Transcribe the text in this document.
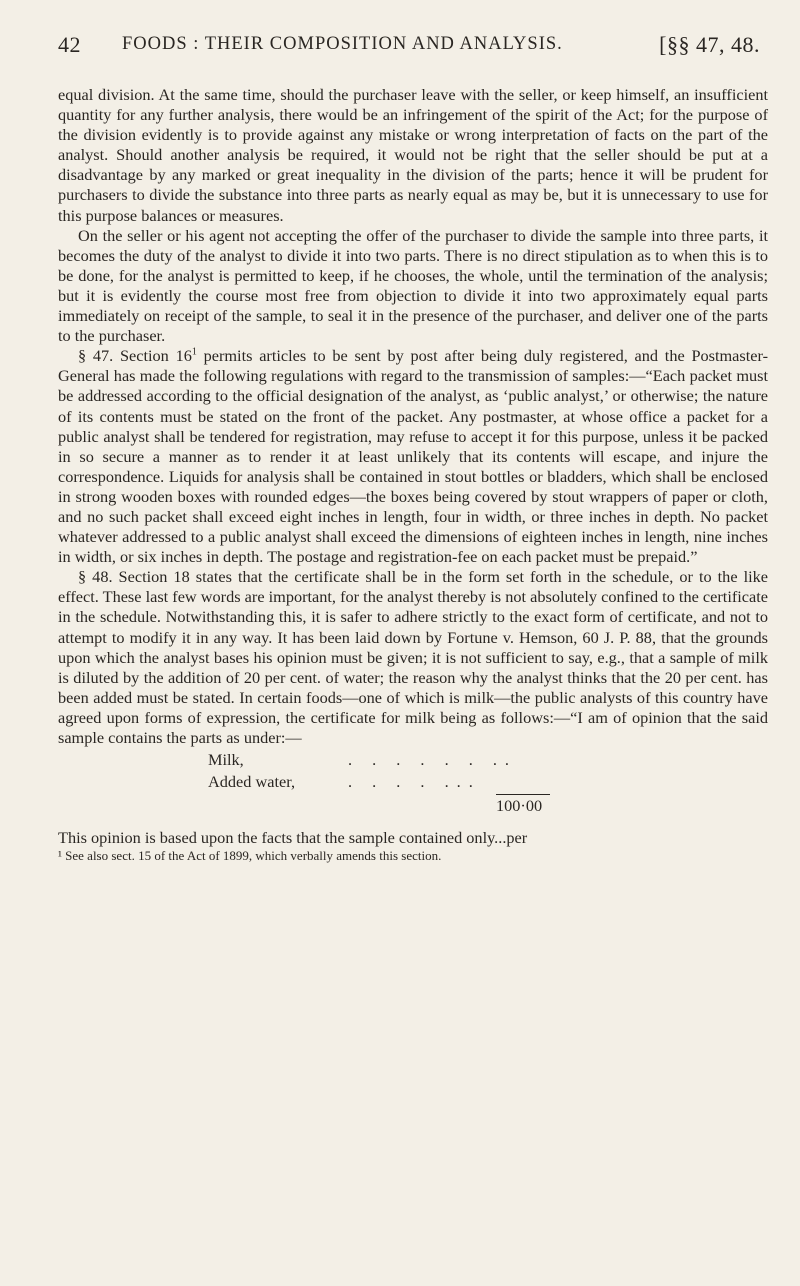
42 FOODS : THEIR COMPOSITION AND ANALYSIS.	[§§ 47, 48.

equal division. At the same time, should the purchaser leave with the seller, or keep himself, an insufficient quantity for any further analysis, there would be an infringement of the spirit of the Act; for the purpose of the division evidently is to provide against any mistake or wrong interpretation of facts on the part of the analyst. Should another analysis be required, it would not be right that the seller should be put at a disadvantage by any marked or great inequality in the division of the parts; hence it will be prudent for purchasers to divide the substance into three parts as nearly equal as may be, but it is unnecessary to use for this purpose balances or measures.

On the seller or his agent not accepting the offer of the purchaser to divide the sample into three parts, it becomes the duty of the analyst to divide it into two parts. There is no direct stipulation as to when this is to be done, for the analyst is permitted to keep, if he chooses, the whole, until the termination of the analysis; but it is evidently the course most free from objection to divide it into two approximately equal parts immediately on receipt of the sample, to seal it in the presence of the purchaser, and deliver one of the parts to the purchaser.

§ 47. Section $16^1$ permits articles to be sent by post after being duly registered, and the Postmaster-General has made the following regulations with regard to the transmission of samples:—“Each packet must be addressed according to the official designation of the analyst, as ‘public analyst,’ or otherwise; the nature of its contents must be stated on the front of the packet. Any postmaster, at whose office a packet for a public analyst shall be tendered for registration, may refuse to accept it for this purpose, unless it be packed in so secure a manner as to render it at least unlikely that its contents will escape, and injure the correspondence. Liquids for analysis shall be contained in stout bottles or bladders, which shall be enclosed in strong wooden boxes with rounded edges—the boxes being covered by stout wrappers of paper or cloth, and no such packet shall exceed eight inches in length, four in width, or three inches in depth. No packet whatever addressed to a public analyst shall exceed the dimensions of eighteen inches in length, nine inches in width, or six inches in depth. The postage and registration-fee on each packet must be prepaid.”

§ 48. Section 18 states that the certificate shall be in the form set forth in the schedule, or to the like effect. These last few words are important, for the analyst thereby is not absolutely confined to the certificate in the schedule. Notwithstanding this, it is safer to adhere strictly to the exact form of certificate, and not to attempt to modify it in any way. It has been laid down by Fortune v. Hemson, 60 J. P. 88, that the grounds upon which the analyst bases his opinion must be given; it is not sufficient to say, e.g., that a sample of milk is diluted by the addition of 20 per cent. of water; the reason why the analyst thinks that the 20 per cent. has been added must be stated. In certain foods—one of which is milk—the public analysts of this country have agreed upon forms of expression, the certificate for milk being as follows:—“I am of opinion that the said sample contains the parts as under:—

Milk,	. . . . . . ..
Added water,	. . . . ...
100·00

This opinion is based upon the facts that the sample contained only...per

¹ See also sect. 15 of the Act of 1899, which verbally amends this section.
